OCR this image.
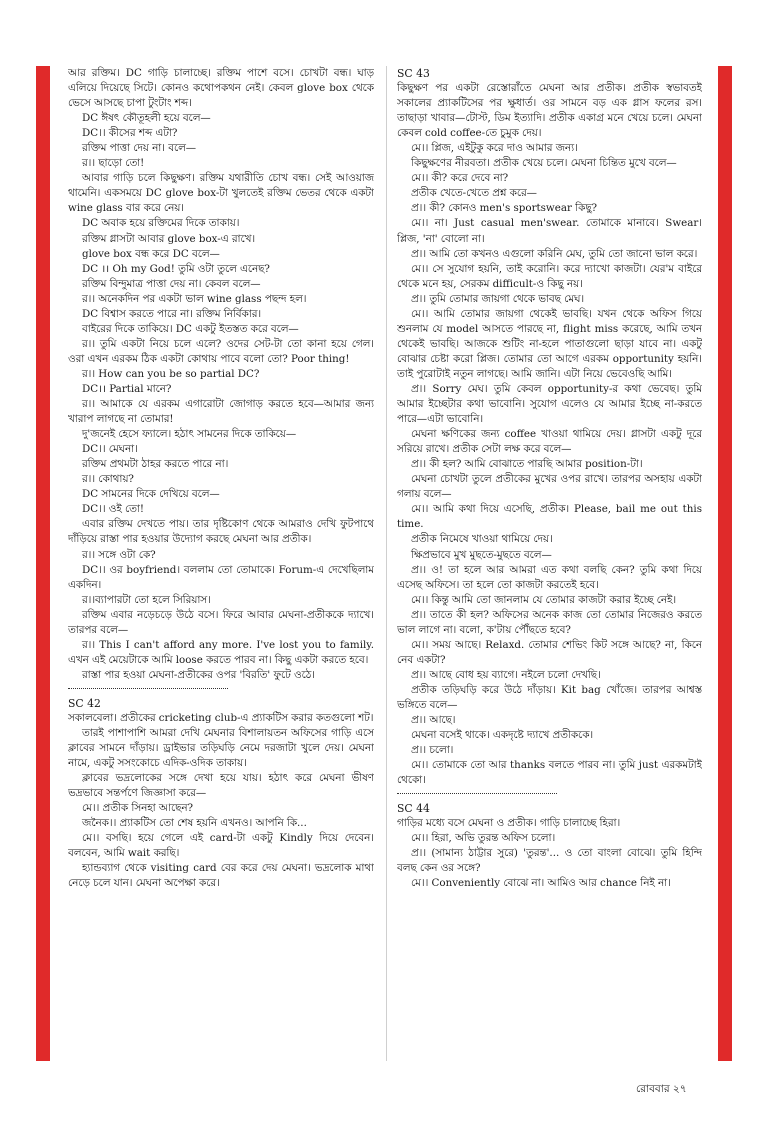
আর রক্তিম। DC গাড়ি চালাচ্ছে। রক্তিম পাশে বসে। চোখটা বন্ধ। ঘাড় এলিয়ে দিয়েছে সিটে। কোনও কথোপকথন নেই। কেবল glove box থেকে ভেসে আসছে চাপা টুংটাং শব্দ।

DC ঈষৎ কৌতূহলী হয়ে বলে—

DC।। কীসের শব্দ এটা?

রক্তিম পাত্তা দেয় না। বলে—

র।। ছাড়ো তো!

আবার গাড়ি চলে কিছুক্ষণ। রক্তিম যথারীতি চোখ বন্ধ। সেই আওয়াজ থামেনি। একসময়ে DC glove box-টা খুলতেই রক্তিম ভেতর থেকে একটা wine glass বার করে নেয়।

DC অবাক হয়ে রক্তিমের দিকে তাকায়।

রক্তিম গ্লাসটা আবার glove box-এ রাখে।

glove box বন্ধ করে DC বলে—

DC ।। Oh my God! তুমি ওটা তুলে এনেছ?

রক্তিম বিন্দুমাত্র পাত্তা দেয় না। কেবল বলে—

র।। অনেকদিন পর একটা ভাল wine glass পছন্দ হল।

DC বিশ্বাস করতে পারে না। রক্তিম নির্বিকার।

বাইরের দিকে তাকিয়ে। DC একটু ইতস্তত করে বলে—

র।। তুমি একটা নিয়ে চলে এলে? ওদের সেট-টা তো কানা হয়ে গেল। ওরা এখন এরকম ঠিক একটা কোথায় পাবে বলো তো? Poor thing!

র।। How can you be so partial DC?

DC।। Partial মানে?

র।। আমাকে যে এরকম এগারোটা জোগাড় করতে হবে—আমার জন্য খারাপ লাগছে না তোমার!

দু'জনেই হেসে ফ্যালে। হঠাৎ সামনের দিকে তাকিয়ে—

DC।। মেঘনা।

রক্তিম প্রথমটা ঠাহর করতে পারে না।

র।। কোথায়?

DC সামনের দিকে দেখিয়ে বলে—

DC।। ওই তো!

এবার রক্তিম দেখতে পায়। তার দৃষ্টিকোণ থেকে আমরাও দেখি ফুটপাথে দাঁড়িয়ে রাস্তা পার হওয়ার উদ্যোগ করছে মেঘনা আর প্রতীক।

র।। সঙ্গে ওটা কে?

DC।। ওর boyfriend। বললাম তো তোমাকে। Forum-এ দেখেছিলাম একদিন।

র।।ব্যাপারটা তো হলে সিরিয়াস।

রক্তিম এবার নড়েচড়ে উঠে বসে। ফিরে আবার মেঘনা-প্রতীককে দ্যাখে। তারপর বলে—

র।। This I can't afford any more. I've lost you to family. এখন এই মেয়েটাকে আমি loose করতে পারব না। কিছু একটা করতে হবে।

রাস্তা পার হওয়া মেঘনা-প্রতীকের ওপর 'বিরতি' ফুটে ওঠে।

SC 42

সকালবেলা। প্রতীকের cricketing club-এ প্র্যাকটিস করার কতগুলো শট।

তারই পাশাপাশি আমরা দেখি মেঘনার বিশালায়তন অফিসের গাড়ি এসে ক্লাবের সামনে দাঁড়ায়। ড্রাইভার তড়িঘড়ি নেমে দরজাটা খুলে দেয়। মেঘনা নামে, একটু সসংকোচে এদিক-ওদিক তাকায়।

ক্লাবের ভদ্রলোকের সঙ্গে দেখা হয়ে যায়। হঠাৎ করে মেঘনা ভীষণ ভদ্রভাবে সন্তর্পণে জিজ্ঞাসা করে—

মে।। প্রতীক সিনহা আছেন?

জনৈক।। প্র্যাকটিস তো শেষ হয়নি এখনও। আপনি কি...

মে।। বসছি। হয়ে গেলে এই card-টা একটু Kindly দিয়ে দেবেন। বলবেন, আমি wait করছি।

হ্যান্ডব্যাগ থেকে visiting card বের করে দেয় মেঘনা। ভদ্রলোক মাথা নেড়ে চলে যান। মেঘনা অপেক্ষা করে।

SC 43

কিছুক্ষণ পর একটা রেস্তোরাঁতে মেঘনা আর প্রতীক। প্রতীক স্বভাবতই সকালের প্র্যাকটিসের পর ক্ষুধার্ত। ওর সামনে বড় এক গ্লাস ফলের রস। তাছাড়া খাবার—টোস্ট, ডিম ইত্যাদি। প্রতীক একাগ্র মনে খেয়ে চলে। মেঘনা কেবল cold coffee-তে চুমুক দেয়।

মে।। প্লিজ, এইটুকু করে দাও আমার জন্য।

কিছুক্ষণের নীরবতা। প্রতীক খেয়ে চলে। মেঘনা চিন্তিত মুখে বলে—

মে।। কী? করে দেবে না?

প্রতীক খেতে-খেতে প্রশ্ন করে—

প্র।। কী? কোনও men's sportswear কিছু?

মে।। না। Just casual men'swear. তোমাকে মানাবে। Swear। প্লিজ, 'না' বোলো না।

প্র।। আমি তো কখনও এগুলো করিনি মেঘ, তুমি তো জানো ভাল করে।

মে।। সে সুযোগ হয়নি, তাই করোনি। করে দ্যাখো কাজটা। যের'ম বাইরে থেকে মনে হয়, সেরকম difficult-ও কিছু নয়।

প্র।। তুমি তোমার জায়গা থেকে ভাবছ মেঘ।

মে।। আমি তোমার জায়গা থেকেই ভাবছি। যখন থেকে অফিস গিয়ে শুনলাম যে model আসতে পারছে না, flight miss করেছে, আমি তখন থেকেই ভাবছি। আজকে শুটিং না-হলে পাতাগুলো ছাড়া যাবে না। একটু বোঝার চেষ্টা করো প্লিজ। তোমার তো আগে এরকম opportunity হয়নি। তাই পুরোটাই নতুন লাগছে। আমি জানি। এটা নিয়ে ভেবেওছি আমি।

প্র।। Sorry মেঘ। তুমি কেবল opportunity-র কথা ভেবেছ। তুমি আমার ইচ্ছেটার কথা ভাবোনি। সুযোগ এলেও যে আমার ইচ্ছে না-করতে পারে—এটা ভাবোনি।

মেঘনা ক্ষণিকের জন্য coffee খাওয়া থামিয়ে দেয়। গ্লাসটা একটু দূরে সরিয়ে রাখে। প্রতীক সেটা লক্ষ করে বলে—

প্র।। কী হল? আমি বোঝাতে পারছি আমার position-টা।

মেঘনা চোখটা তুলে প্রতীকের মুখের ওপর রাখে। তারপর অসহায় একটা গলায় বলে—

মে।। আমি কথা দিয়ে এসেছি, প্রতীক। Please, bail me out this time.

প্রতীক নিমেষে খাওয়া থামিয়ে দেয়।

ক্ষিপ্রভাবে মুখ মুছতে-মুছতে বলে—

প্র।। ও! তা হলে আর আমরা এত কথা বলছি কেন? তুমি কথা দিয়ে এসেছ অফিসে। তা হলে তো কাজটা করতেই হবে।

মে।। কিন্তু আমি তো জানলাম যে তোমার কাজটা করার ইচ্ছে নেই।

প্র।। তাতে কী হল? অফিসের অনেক কাজ তো তোমার নিজেরও করতে ভাল লাগে না। বলো, ক'টায় পৌঁছতে হবে?

মে।। সময় আছে। Relaxd. তোমার শেভিং কিট সঙ্গে আছে? না, কিনে নেব একটা?

প্র।। আছে বোধ হয় ব্যাগে। নইলে চলো দেখছি।

প্রতীক তড়িঘড়ি করে উঠে দাঁড়ায়। Kit bag খোঁজে। তারপর আশ্বস্ত ভঙ্গিতে বলে—

প্র।। আছে।

মেঘনা বসেই থাকে। একদৃষ্টে দ্যাখে প্রতীককে।

প্র।। চলো।

মে।। তোমাকে তো আর thanks বলতে পারব না। তুমি just এরকমটাই থেকো।

SC 44

গাড়ির মধ্যে বসে মেঘনা ও প্রতীক। গাড়ি চালাচ্ছে হিরা।

মে।। হিরা, অভি তুরন্ত অফিস চলো।

প্র।। (সামান্য ঠাট্টার সুরে) 'তুরন্ত'... ও তো বাংলা বোঝে। তুমি হিন্দি বলছ কেন ওর সঙ্গে?

মে।। Conveniently বোঝে না। আমিও আর chance নিই না।

রোববার ২৭
